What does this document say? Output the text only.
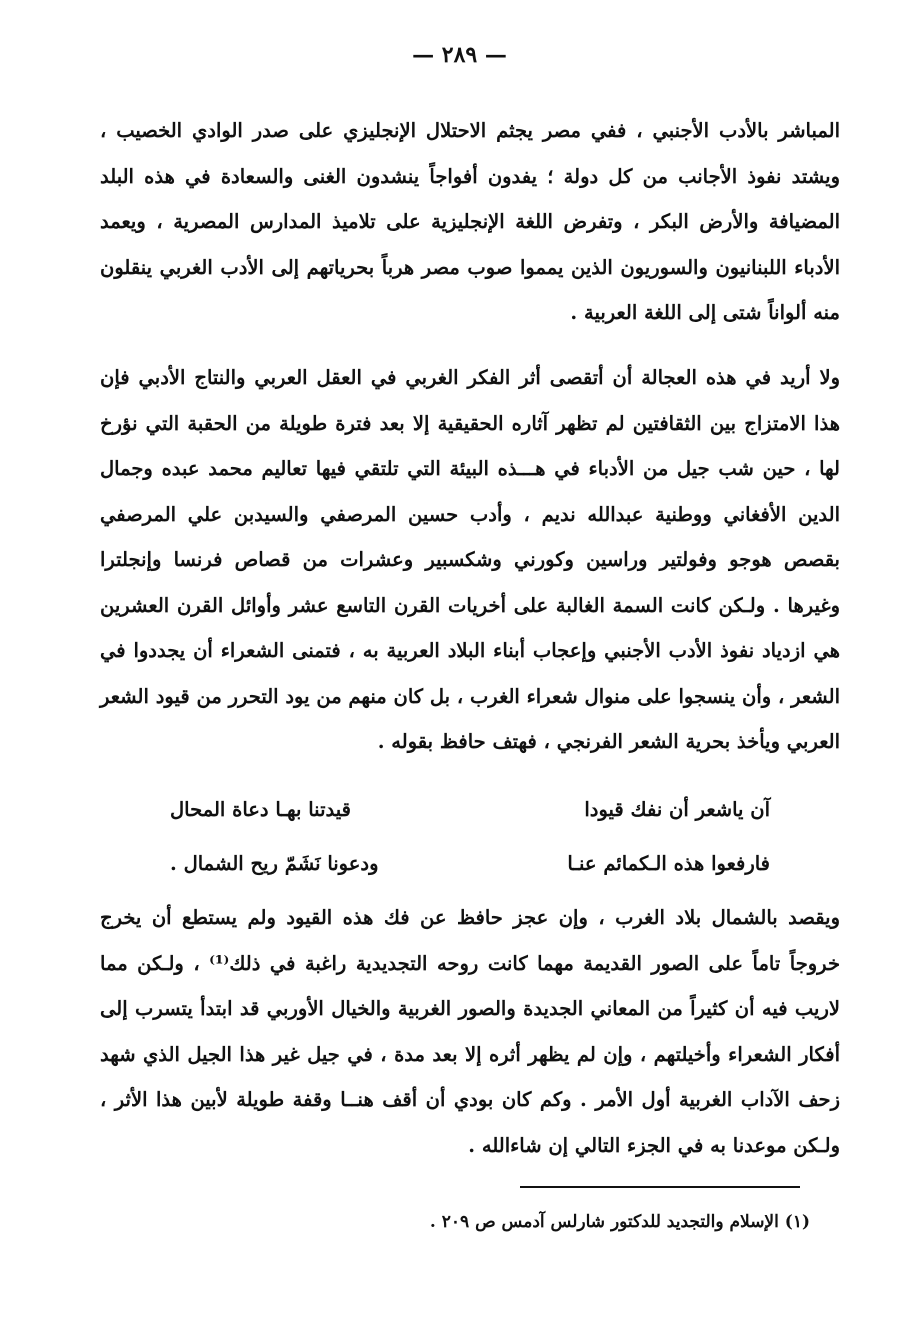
— ٢٨٩ —
المباشر بالأدب الأجنبي ، ففي مصر يجثم الاحتلال الإنجليزي على صدر الوادي الخصيب ، ويشتد نفوذ الأجانب من كل دولة ؛ يفدون أفواجاً ينشدون الغنى والسعادة في هذه البلد المضيافة والأرض البكر ، وتفرض اللغة الإنجليزية على تلاميذ المدارس المصرية ، ويعمد الأدباء اللبنانيون والسوريون الذين يمموا صوب مصر هرباً بحرياتهم إلى الأدب الغربي ينقلون منه ألواناً شتى إلى اللغة العربية .
ولا أريد في هذه العجالة أن أتقصى أثر الفكر الغربي في العقل العربي والنتاج الأدبي فإن هذا الامتزاج بين الثقافتين لم تظهر آثاره الحقيقية إلا بعد فترة طويلة من الحقبة التي نؤرخ لها ، حين شب جيل من الأدباء في هـــذه البيئة التي تلتقي فيها تعاليم محمد عبده وجمال الدين الأفغاني ووطنية عبدالله نديم ، وأدب حسين المرصفي والسيدبن علي المرصفي بقصص هوجو وفولتير وراسين وكورني وشكسبير وعشرات من قصاص فرنسا وإنجلترا وغيرها . ولـكن كانت السمة الغالبة على أخريات القرن التاسع عشر وأوائل القرن العشرين هي ازدياد نفوذ الأدب الأجنبي وإعجاب أبناء البلاد العربية به ، فتمنى الشعراء أن يجددوا في الشعر ، وأن ينسجوا على منوال شعراء الغرب ، بل كان منهم من يود التحرر من قيود الشعر العربي ويأخذ بحرية الشعر الفرنجي ، فهتف حافظ بقوله .
آن ياشعر أن نفك قيودا
قيدتنا بهـا دعاة المحال
فارفعوا هذه الـكمائم عنـا
ودعونا نَشَمّ ريح الشمال .
ويقصد بالشمال بلاد الغرب ، وإن عجز حافظ عن فك هذه القيود ولم يستطع أن يخرج خروجاً تاماً على الصور القديمة مهما كانت روحه التجديدية راغبة في ذلك⁽¹⁾ ، ولـكن مما لاريب فيه أن كثيراً من المعاني الجديدة والصور الغربية والخيال الأوربي قد ابتدأ يتسرب إلى أفكار الشعراء وأخيلتهم ، وإن لم يظهر أثره إلا بعد مدة ، في جيل غير هذا الجيل الذي شهد زحف الآداب الغربية أول الأمر . وكم كان بودي أن أقف هنــا وقفة طويلة لأبين هذا الأثر ، ولـكن موعدنا به في الجزء التالي إن شاءالله .
(١) الإسلام والتجديد للدكتور شارلس آدمس ص ٢٠٩ .
